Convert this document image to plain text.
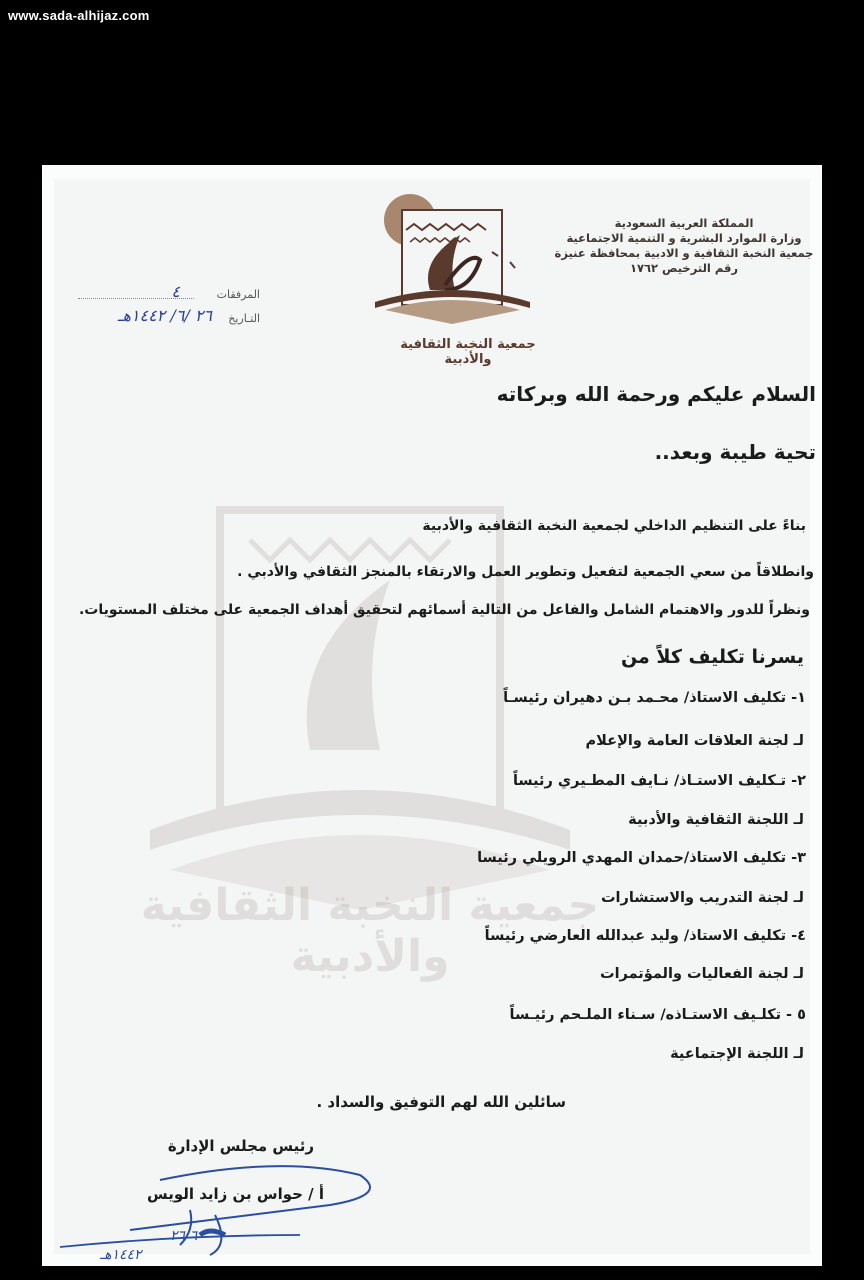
www.sada-alhijaz.com
جمعية النخبة الثقافية والأدبية
المملكة العربية السعودية
وزارة الموارد البشرية و التنمية الاجتماعية
جمعية النخبة الثقافية و الادبية بمحافظة عنيزة
رقم الترخيص ١٧٦٢
جمعية النخبة الثقافية والأدبية
المرفقات
٤
التـاريخ
٢٦ /٦/ ١٤٤٢هـ
السلام عليكم ورحمة الله وبركاته
تحية طيبة وبعد..
بناءً على التنظيم الداخلي لجمعية النخبة الثقافية والأدبية
وانطلاقاً من سعي الجمعية لتفعيل وتطوير العمل والارتقاء بالمنجز الثقافي والأدبي .
ونظراً للدور والاهتمام الشامل والفاعل من التالية أسمائهم لتحقيق أهداف الجمعية على مختلف المستويات.
يسرنا تكليف كلاً من
١- تكليف الاستاذ/ محـمد بـن دهيران رئيسـاً
لـ لجنة العلاقات العامة والإعلام
٢- تـكليف الاستـاذ/ نـايف المطـيري رئيساً
لـ اللجنة الثقافية والأدبية
٣- تكليف الاستاذ/حمدان المهدي الرويلي رئيسا
لـ لجنة التدريب والاستشارات
٤- تكليف الاستاذ/ وليد عبدالله العارضي رئيساً
لـ لجنة الفعاليات والمؤتمرات
٥ - تكلـيف الاستـاذه/ سـناء الملـحم رئيـساً
لـ اللجنة الإجتماعية
سائلين الله لهم التوفيق والسداد .
رئيس مجلس الإدارة
أ / حواس بن زايد الويس
٢٦/٦
١٤٤٢هـ
